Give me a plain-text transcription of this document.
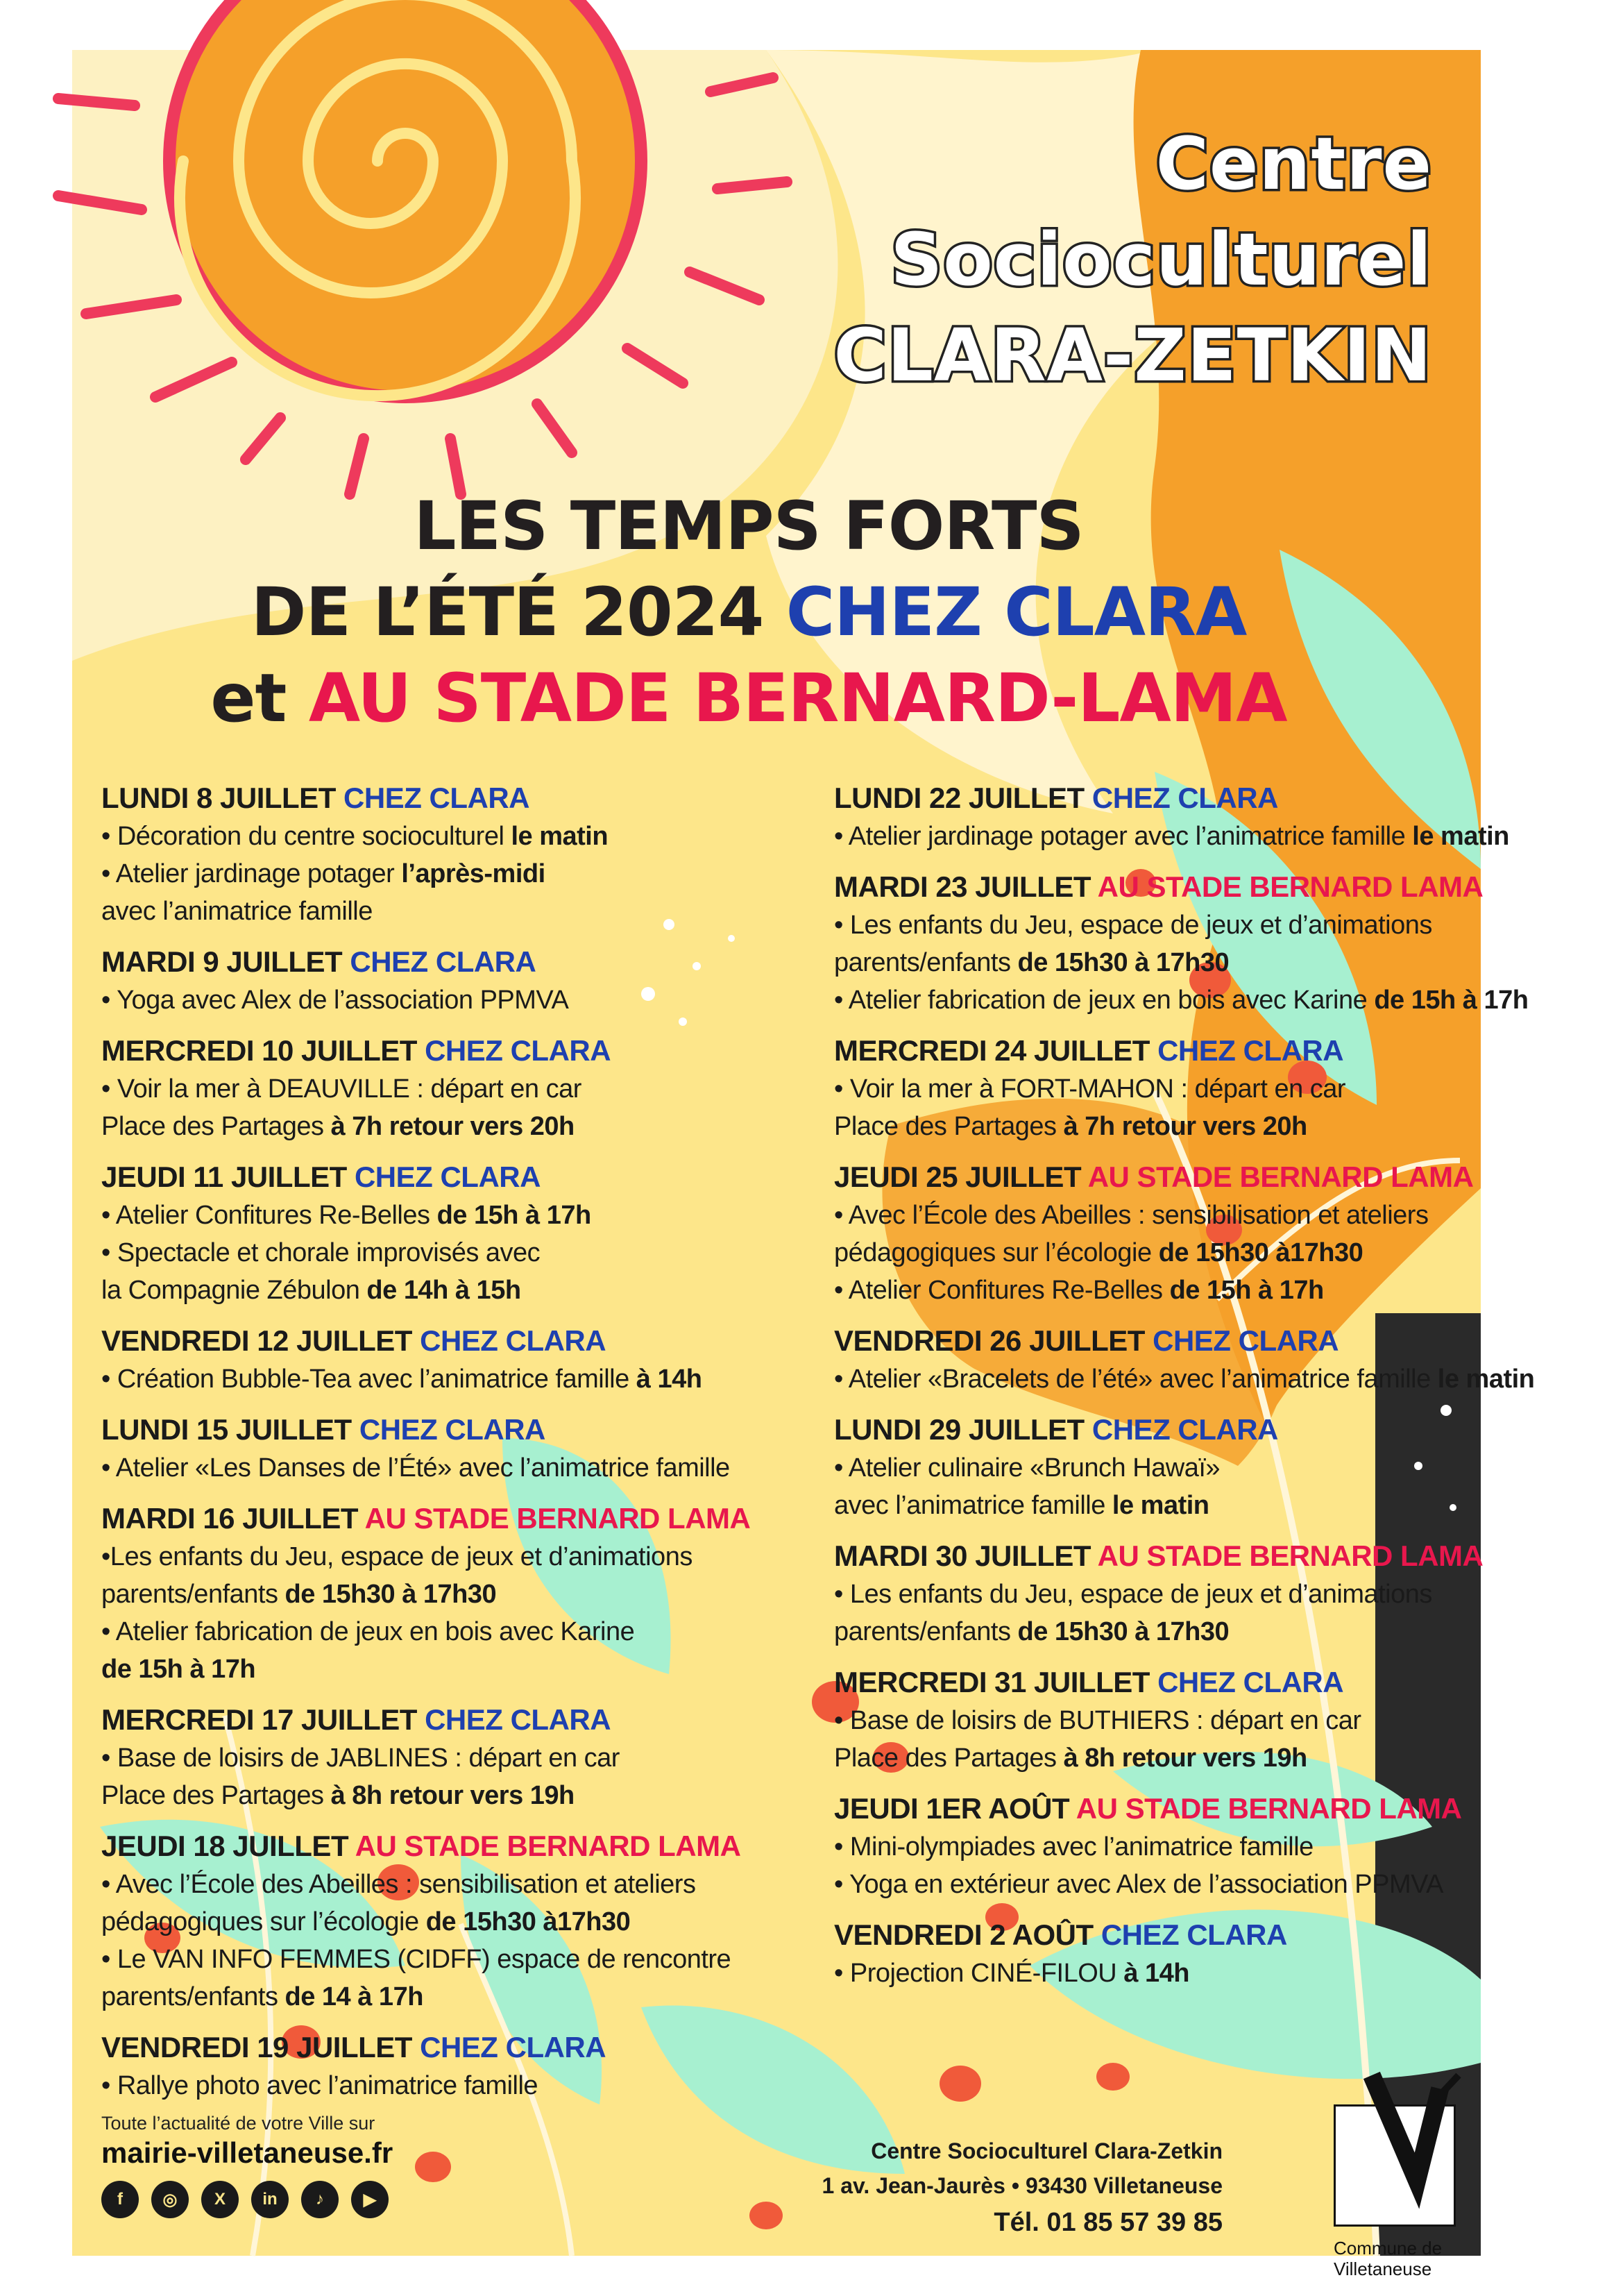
Centre
Socioculturel
CLARA-ZETKIN
LES TEMPS FORTS
DE L’ÉTÉ 2024 CHEZ CLARA
et AU STADE BERNARD-LAMA
LUNDI 8 JUILLET CHEZ CLARA
• Décoration du centre socioculturel le matin
• Atelier jardinage potager l’après-midi
avec l’animatrice famille
MARDI 9 JUILLET CHEZ CLARA
• Yoga avec Alex de l’association PPMVA
MERCREDI 10 JUILLET CHEZ CLARA
• Voir la mer à DEAUVILLE : départ en car
Place des Partages à 7h retour vers 20h
JEUDI 11 JUILLET CHEZ CLARA
• Atelier Confitures Re-Belles de 15h à 17h
• Spectacle et chorale improvisés avec
la Compagnie Zébulon de 14h à 15h
VENDREDI 12 JUILLET CHEZ CLARA
• Création Bubble-Tea avec l’animatrice famille à 14h
LUNDI 15 JUILLET CHEZ CLARA
• Atelier «Les Danses de l’Été» avec l’animatrice famille
MARDI 16 JUILLET AU STADE BERNARD LAMA
•Les enfants du Jeu, espace de jeux et d’animations
parents/enfants de 15h30 à 17h30
• Atelier fabrication de jeux en bois avec Karine
de 15h à 17h
MERCREDI 17 JUILLET CHEZ CLARA
• Base de loisirs de JABLINES : départ en car
Place des Partages à 8h retour vers 19h
JEUDI 18 JUILLET AU STADE BERNARD LAMA
• Avec l’École des Abeilles : sensibilisation et ateliers
pédagogiques sur l’écologie de 15h30 à17h30
• Le VAN INFO FEMMES (CIDFF) espace de rencontre
parents/enfants de 14 à 17h
VENDREDI 19 JUILLET CHEZ CLARA
• Rallye photo avec l’animatrice famille
LUNDI 22 JUILLET CHEZ CLARA
• Atelier jardinage potager avec l’animatrice famille le matin
MARDI 23 JUILLET AU STADE BERNARD LAMA
• Les enfants du Jeu, espace de jeux et d’animations
parents/enfants de 15h30 à 17h30
• Atelier fabrication de jeux en bois avec Karine de 15h à 17h
MERCREDI 24 JUILLET CHEZ CLARA
• Voir la mer à FORT-MAHON : départ en car
Place des Partages à 7h retour vers 20h
JEUDI 25 JUILLET AU STADE BERNARD LAMA
• Avec l’École des Abeilles : sensibilisation et ateliers
pédagogiques sur l’écologie de 15h30 à17h30
• Atelier Confitures Re-Belles de 15h à 17h
VENDREDI 26 JUILLET CHEZ CLARA
• Atelier «Bracelets de l’été» avec l’animatrice famille le matin
LUNDI 29 JUILLET CHEZ CLARA
• Atelier culinaire «Brunch Hawaï»
avec l’animatrice famille le matin
MARDI 30 JUILLET AU STADE BERNARD LAMA
• Les enfants du Jeu, espace de jeux et d’animations
parents/enfants de 15h30 à 17h30
MERCREDI 31 JUILLET CHEZ CLARA
• Base de loisirs de BUTHIERS : départ en car
Place des Partages à 8h retour vers 19h
JEUDI 1ER AOÛT AU STADE BERNARD LAMA
• Mini-olympiades avec l’animatrice famille
• Yoga en extérieur avec Alex de l’association PPMVA
VENDREDI 2 AOÛT CHEZ CLARA
• Projection CINÉ-FILOU à 14h
Toute l’actualité de votre Ville sur
mairie-villetaneuse.fr
f	◎	X	in	♪	▶
Centre Socioculturel Clara-Zetkin
1 av. Jean-Jaurès • 93430 Villetaneuse
Tél. 01 85 57 39 85
Commune de
Villetaneuse
